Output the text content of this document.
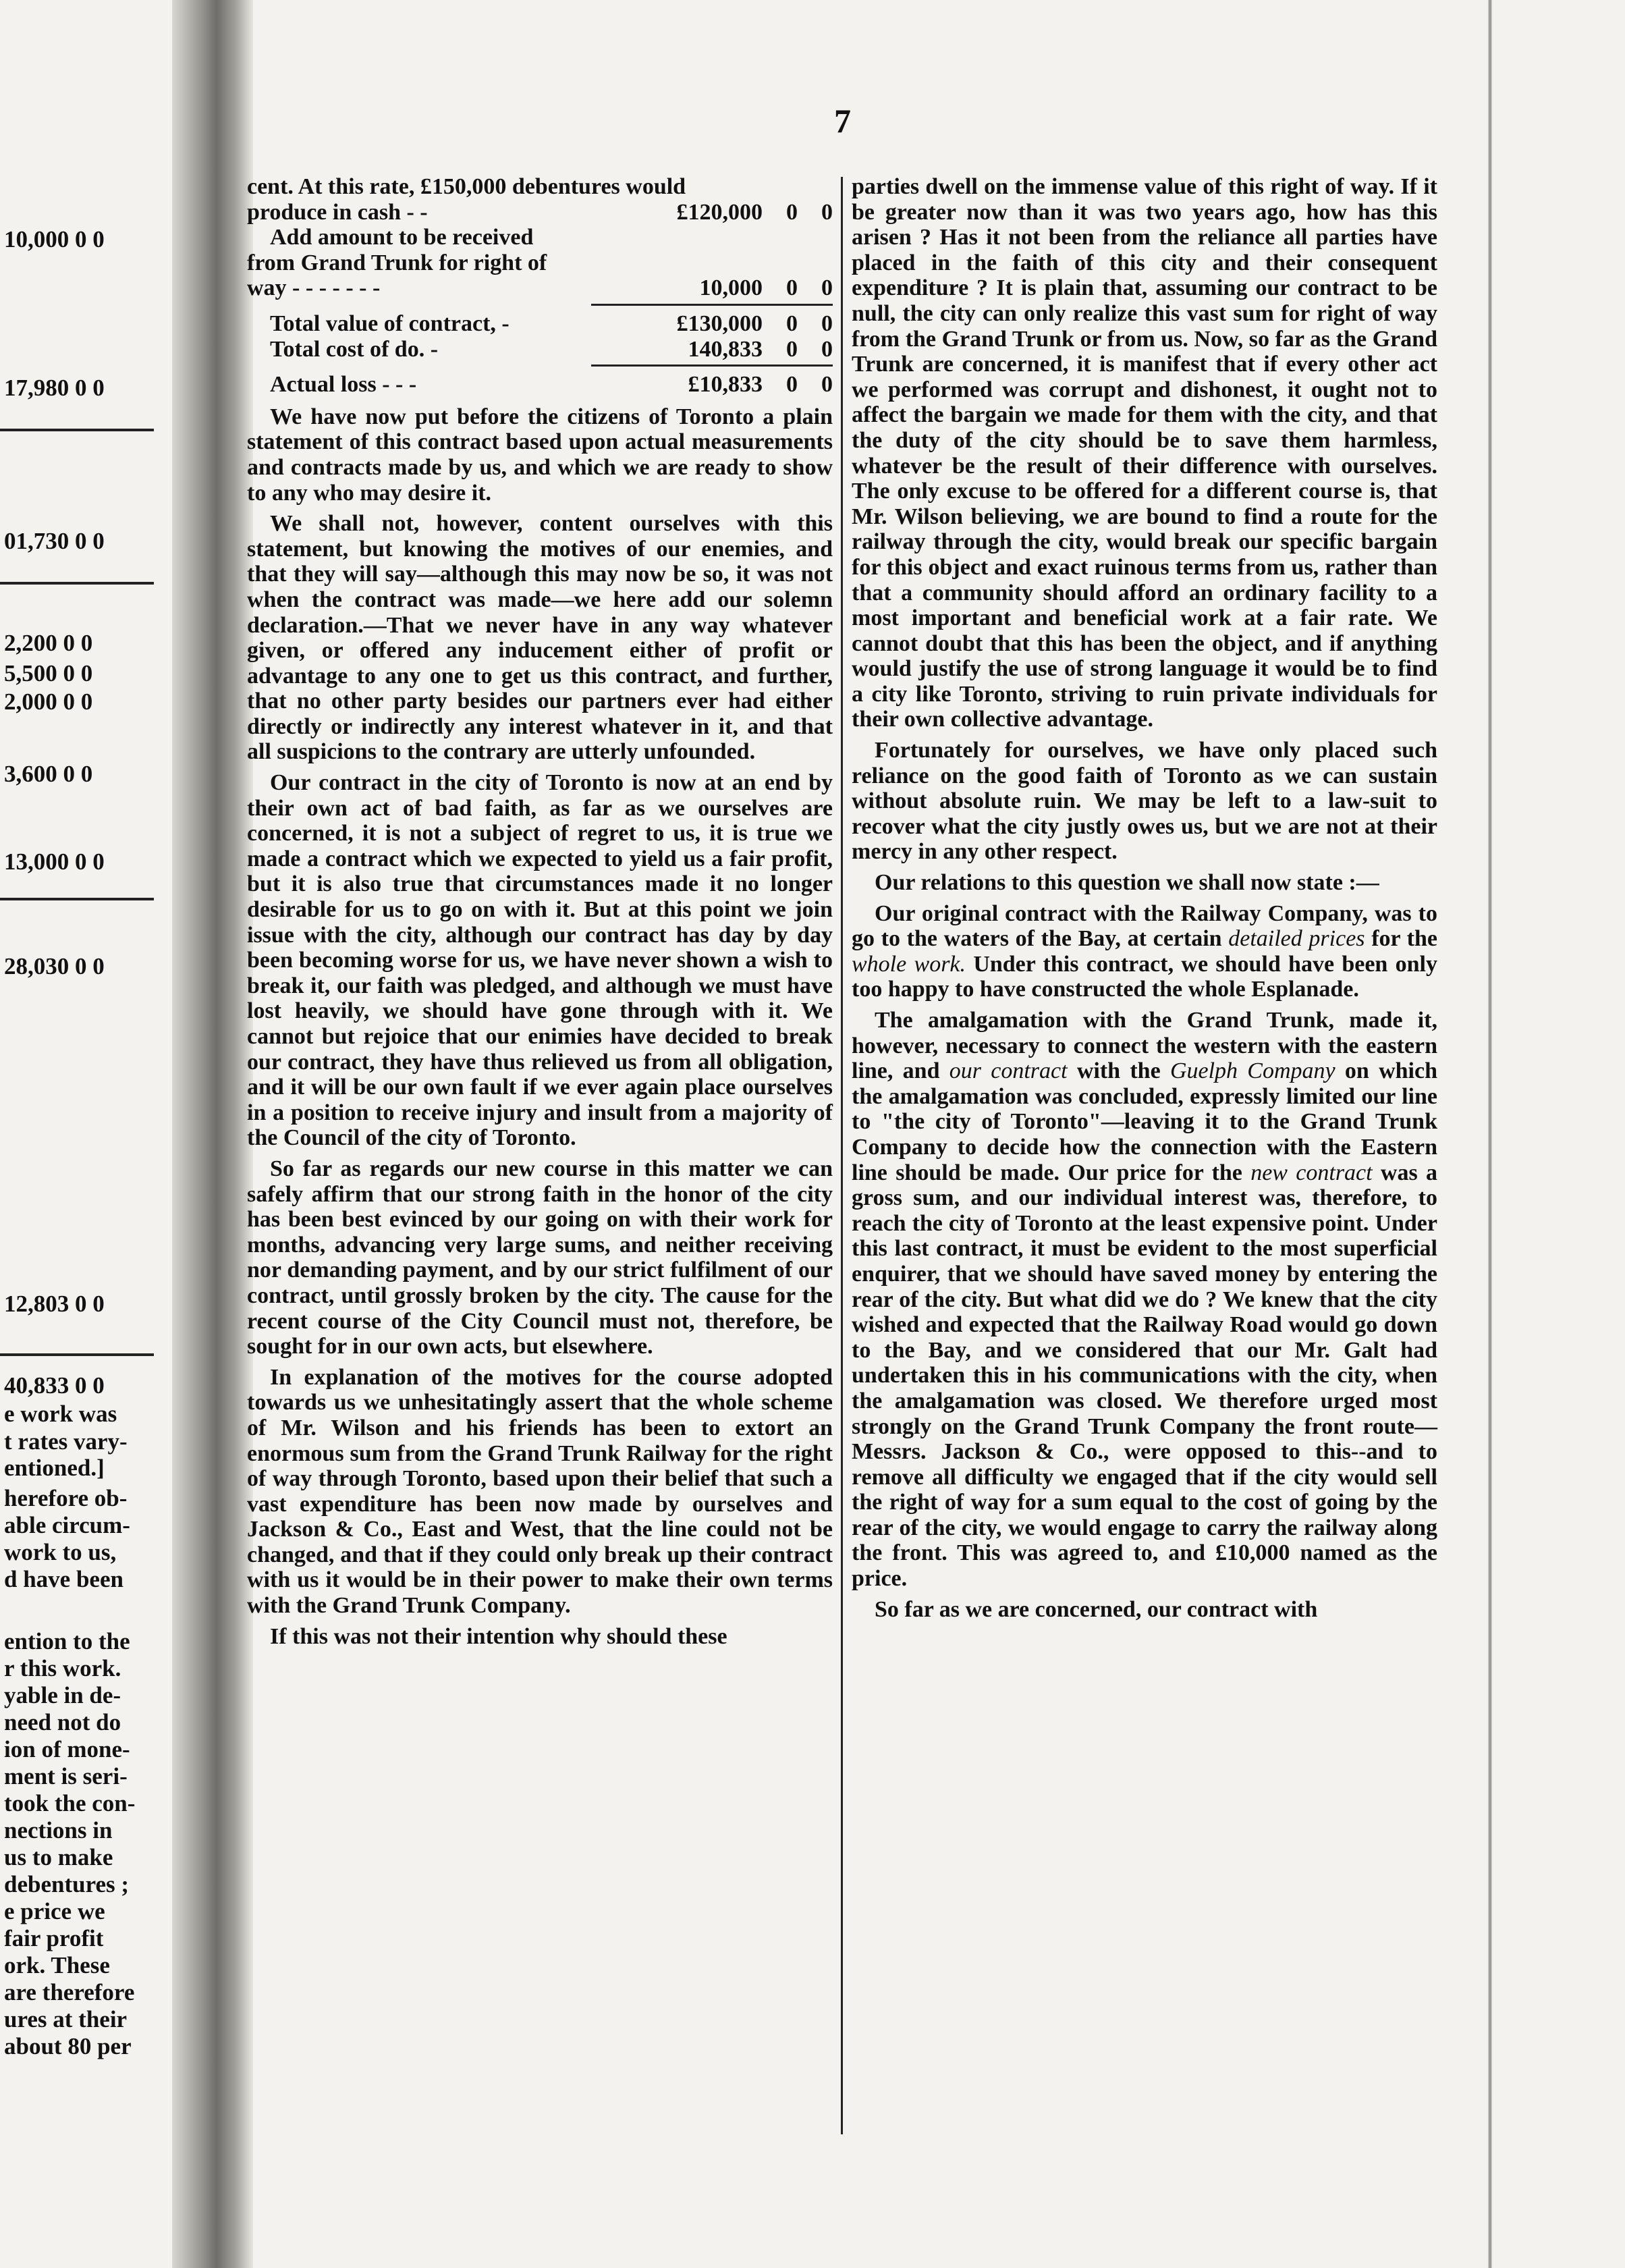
7
10,000 0 0
17,980 0 0
01,730 0 0
2,200 0 0
5,500 0 0
2,000 0 0
3,600 0 0
13,000 0 0
28,030 0 0
12,803 0 0
40,833 0 0
e work was
t rates vary-
entioned.]
herefore ob-
able circum-
work to us,
d have been
ention to the
r this work.
yable in de-
need not do
ion of mone-
ment is seri-
took the con-
nections in
us to make
debentures ;
e price we
fair profit
ork. These
are therefore
ures at their
about 80 per
cent. At this rate, £150,000 debentures would
produce in cash - -	£120,000	0	0
Add amount to be received
from Grand Trunk for right of
way - - - - - - -	10,000	0	0
Total value of contract, -	£130,000	0	0
Total cost of do. -	140,833	0	0
Actual loss - - -	£10,833	0	0

We have now put before the citizens of Toronto a plain statement of this contract based upon actual measurements and contracts made by us, and which we are ready to show to any who may desire it.

We shall not, however, content ourselves with this statement, but knowing the motives of our enemies, and that they will say—although this may now be so, it was not when the contract was made—we here add our solemn declaration.—That we never have in any way whatever given, or offered any inducement either of profit or advantage to any one to get us this contract, and further, that no other party besides our partners ever had either directly or indirectly any interest whatever in it, and that all suspicions to the contrary are utterly unfounded.

Our contract in the city of Toronto is now at an end by their own act of bad faith, as far as we ourselves are concerned, it is not a subject of regret to us, it is true we made a contract which we expected to yield us a fair profit, but it is also true that circumstances made it no longer desirable for us to go on with it. But at this point we join issue with the city, although our contract has day by day been becoming worse for us, we have never shown a wish to break it, our faith was pledged, and although we must have lost heavily, we should have gone through with it. We cannot but rejoice that our enimies have decided to break our contract, they have thus relieved us from all obligation, and it will be our own fault if we ever again place ourselves in a position to receive injury and insult from a majority of the Council of the city of Toronto.

So far as regards our new course in this matter we can safely affirm that our strong faith in the honor of the city has been best evinced by our going on with their work for months, advancing very large sums, and neither receiving nor demanding payment, and by our strict fulfilment of our contract, until grossly broken by the city. The cause for the recent course of the City Council must not, therefore, be sought for in our own acts, but elsewhere.

In explanation of the motives for the course adopted towards us we unhesitatingly assert that the whole scheme of Mr. Wilson and his friends has been to extort an enormous sum from the Grand Trunk Railway for the right of way through Toronto, based upon their belief that such a vast expenditure has been now made by ourselves and Jackson & Co., East and West, that the line could not be changed, and that if they could only break up their contract with us it would be in their power to make their own terms with the Grand Trunk Company.

If this was not their intention why should these

parties dwell on the immense value of this right of way. If it be greater now than it was two years ago, how has this arisen ? Has it not been from the reliance all parties have placed in the faith of this city and their consequent expenditure ? It is plain that, assuming our contract to be null, the city can only realize this vast sum for right of way from the Grand Trunk or from us. Now, so far as the Grand Trunk are concerned, it is manifest that if every other act we performed was corrupt and dishonest, it ought not to affect the bargain we made for them with the city, and that the duty of the city should be to save them harmless, whatever be the result of their difference with ourselves. The only excuse to be offered for a different course is, that Mr. Wilson believing, we are bound to find a route for the railway through the city, would break our specific bargain for this object and exact ruinous terms from us, rather than that a community should afford an ordinary facility to a most important and beneficial work at a fair rate. We cannot doubt that this has been the object, and if anything would justify the use of strong language it would be to find a city like Toronto, striving to ruin private individuals for their own collective advantage.

Fortunately for ourselves, we have only placed such reliance on the good faith of Toronto as we can sustain without absolute ruin. We may be left to a law-suit to recover what the city justly owes us, but we are not at their mercy in any other respect.

Our relations to this question we shall now state :—

Our original contract with the Railway Company, was to go to the waters of the Bay, at certain detailed prices for the whole work. Under this contract, we should have been only too happy to have constructed the whole Esplanade.

The amalgamation with the Grand Trunk, made it, however, necessary to connect the western with the eastern line, and our contract with the Guelph Company on which the amalgamation was concluded, expressly limited our line to "the city of Toronto"—leaving it to the Grand Trunk Company to decide how the connection with the Eastern line should be made. Our price for the new contract was a gross sum, and our individual interest was, therefore, to reach the city of Toronto at the least expensive point. Under this last contract, it must be evident to the most superficial enquirer, that we should have saved money by entering the rear of the city. But what did we do ? We knew that the city wished and expected that the Railway Road would go down to the Bay, and we considered that our Mr. Galt had undertaken this in his communications with the city, when the amalgamation was closed. We therefore urged most strongly on the Grand Trunk Company the front route—Messrs. Jackson & Co., were opposed to this--and to remove all difficulty we engaged that if the city would sell the right of way for a sum equal to the cost of going by the rear of the city, we would engage to carry the railway along the front. This was agreed to, and £10,000 named as the price.

So far as we are concerned, our contract with
